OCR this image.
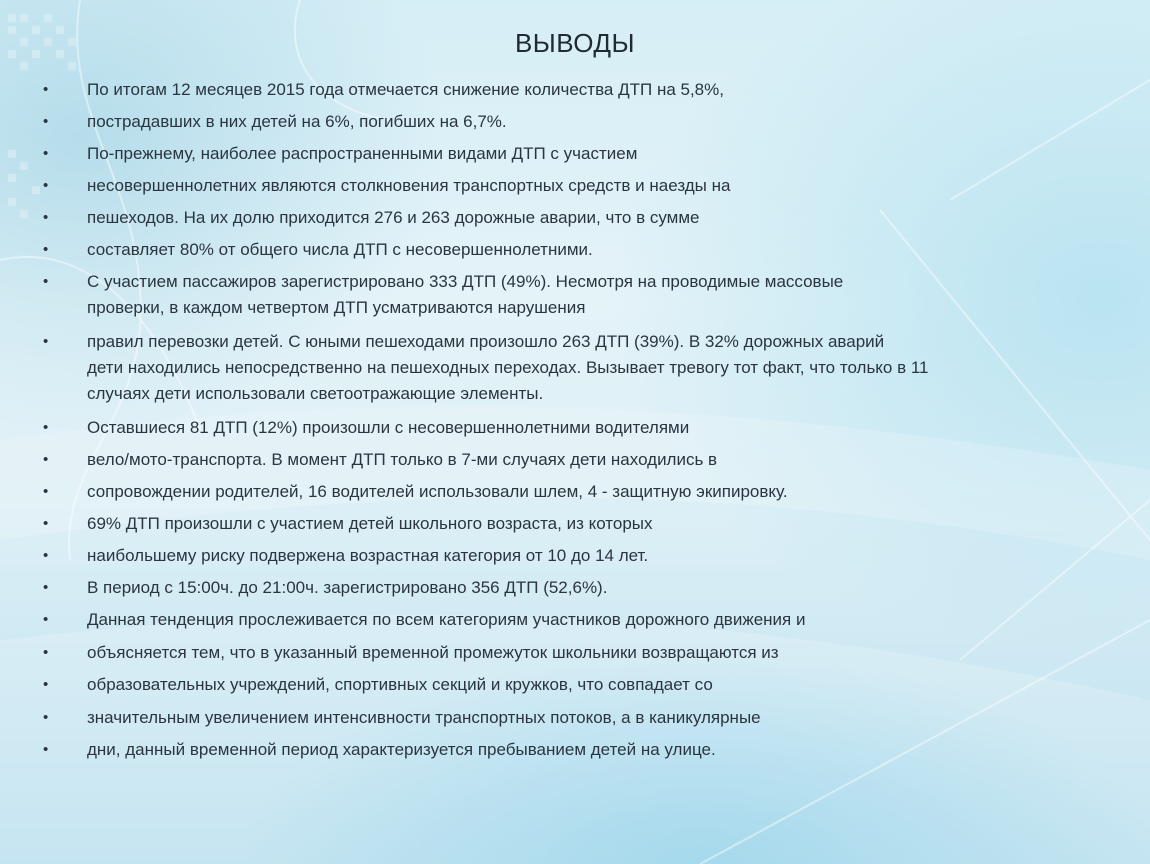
ВЫВОДЫ
• По итогам 12 месяцев 2015 года отмечается снижение количества ДТП на 5,8%,
• пострадавших в них детей на 6%, погибших на 6,7%.
• По-прежнему, наиболее распространенными видами ДТП с участием
• несовершеннолетних являются столкновения транспортных средств и наезды на
• пешеходов. На их долю приходится 276 и 263 дорожные аварии, что в сумме
• составляет 80% от общего числа ДТП с несовершеннолетними.
• С участием пассажиров зарегистрировано 333 ДТП (49%). Несмотря на проводимые массовые
проверки, в каждом четвертом ДТП усматриваются нарушения
• правил перевозки детей. С юными пешеходами произошло 263 ДТП (39%). В 32% дорожных аварий
дети находились непосредственно на пешеходных переходах. Вызывает тревогу тот факт, что только в 11
случаях дети использовали светоотражающие элементы.
• Оставшиеся 81 ДТП (12%) произошли с несовершеннолетними водителями
• вело/мото-транспорта. В момент ДТП только в 7-ми случаях дети находились в
• сопровождении родителей, 16 водителей использовали шлем, 4 - защитную экипировку.
• 69% ДТП произошли с участием детей школьного возраста, из которых
• наибольшему риску подвержена возрастная категория от 10 до 14 лет.
• В период с 15:00ч. до 21:00ч. зарегистрировано 356 ДТП (52,6%).
• Данная тенденция прослеживается по всем категориям участников дорожного движения и
• объясняется тем, что в указанный временной промежуток школьники возвращаются из
• образовательных учреждений, спортивных секций и кружков, что совпадает со
• значительным увеличением интенсивности транспортных потоков, а в каникулярные
• дни, данный временной период характеризуется пребыванием детей на улице.
